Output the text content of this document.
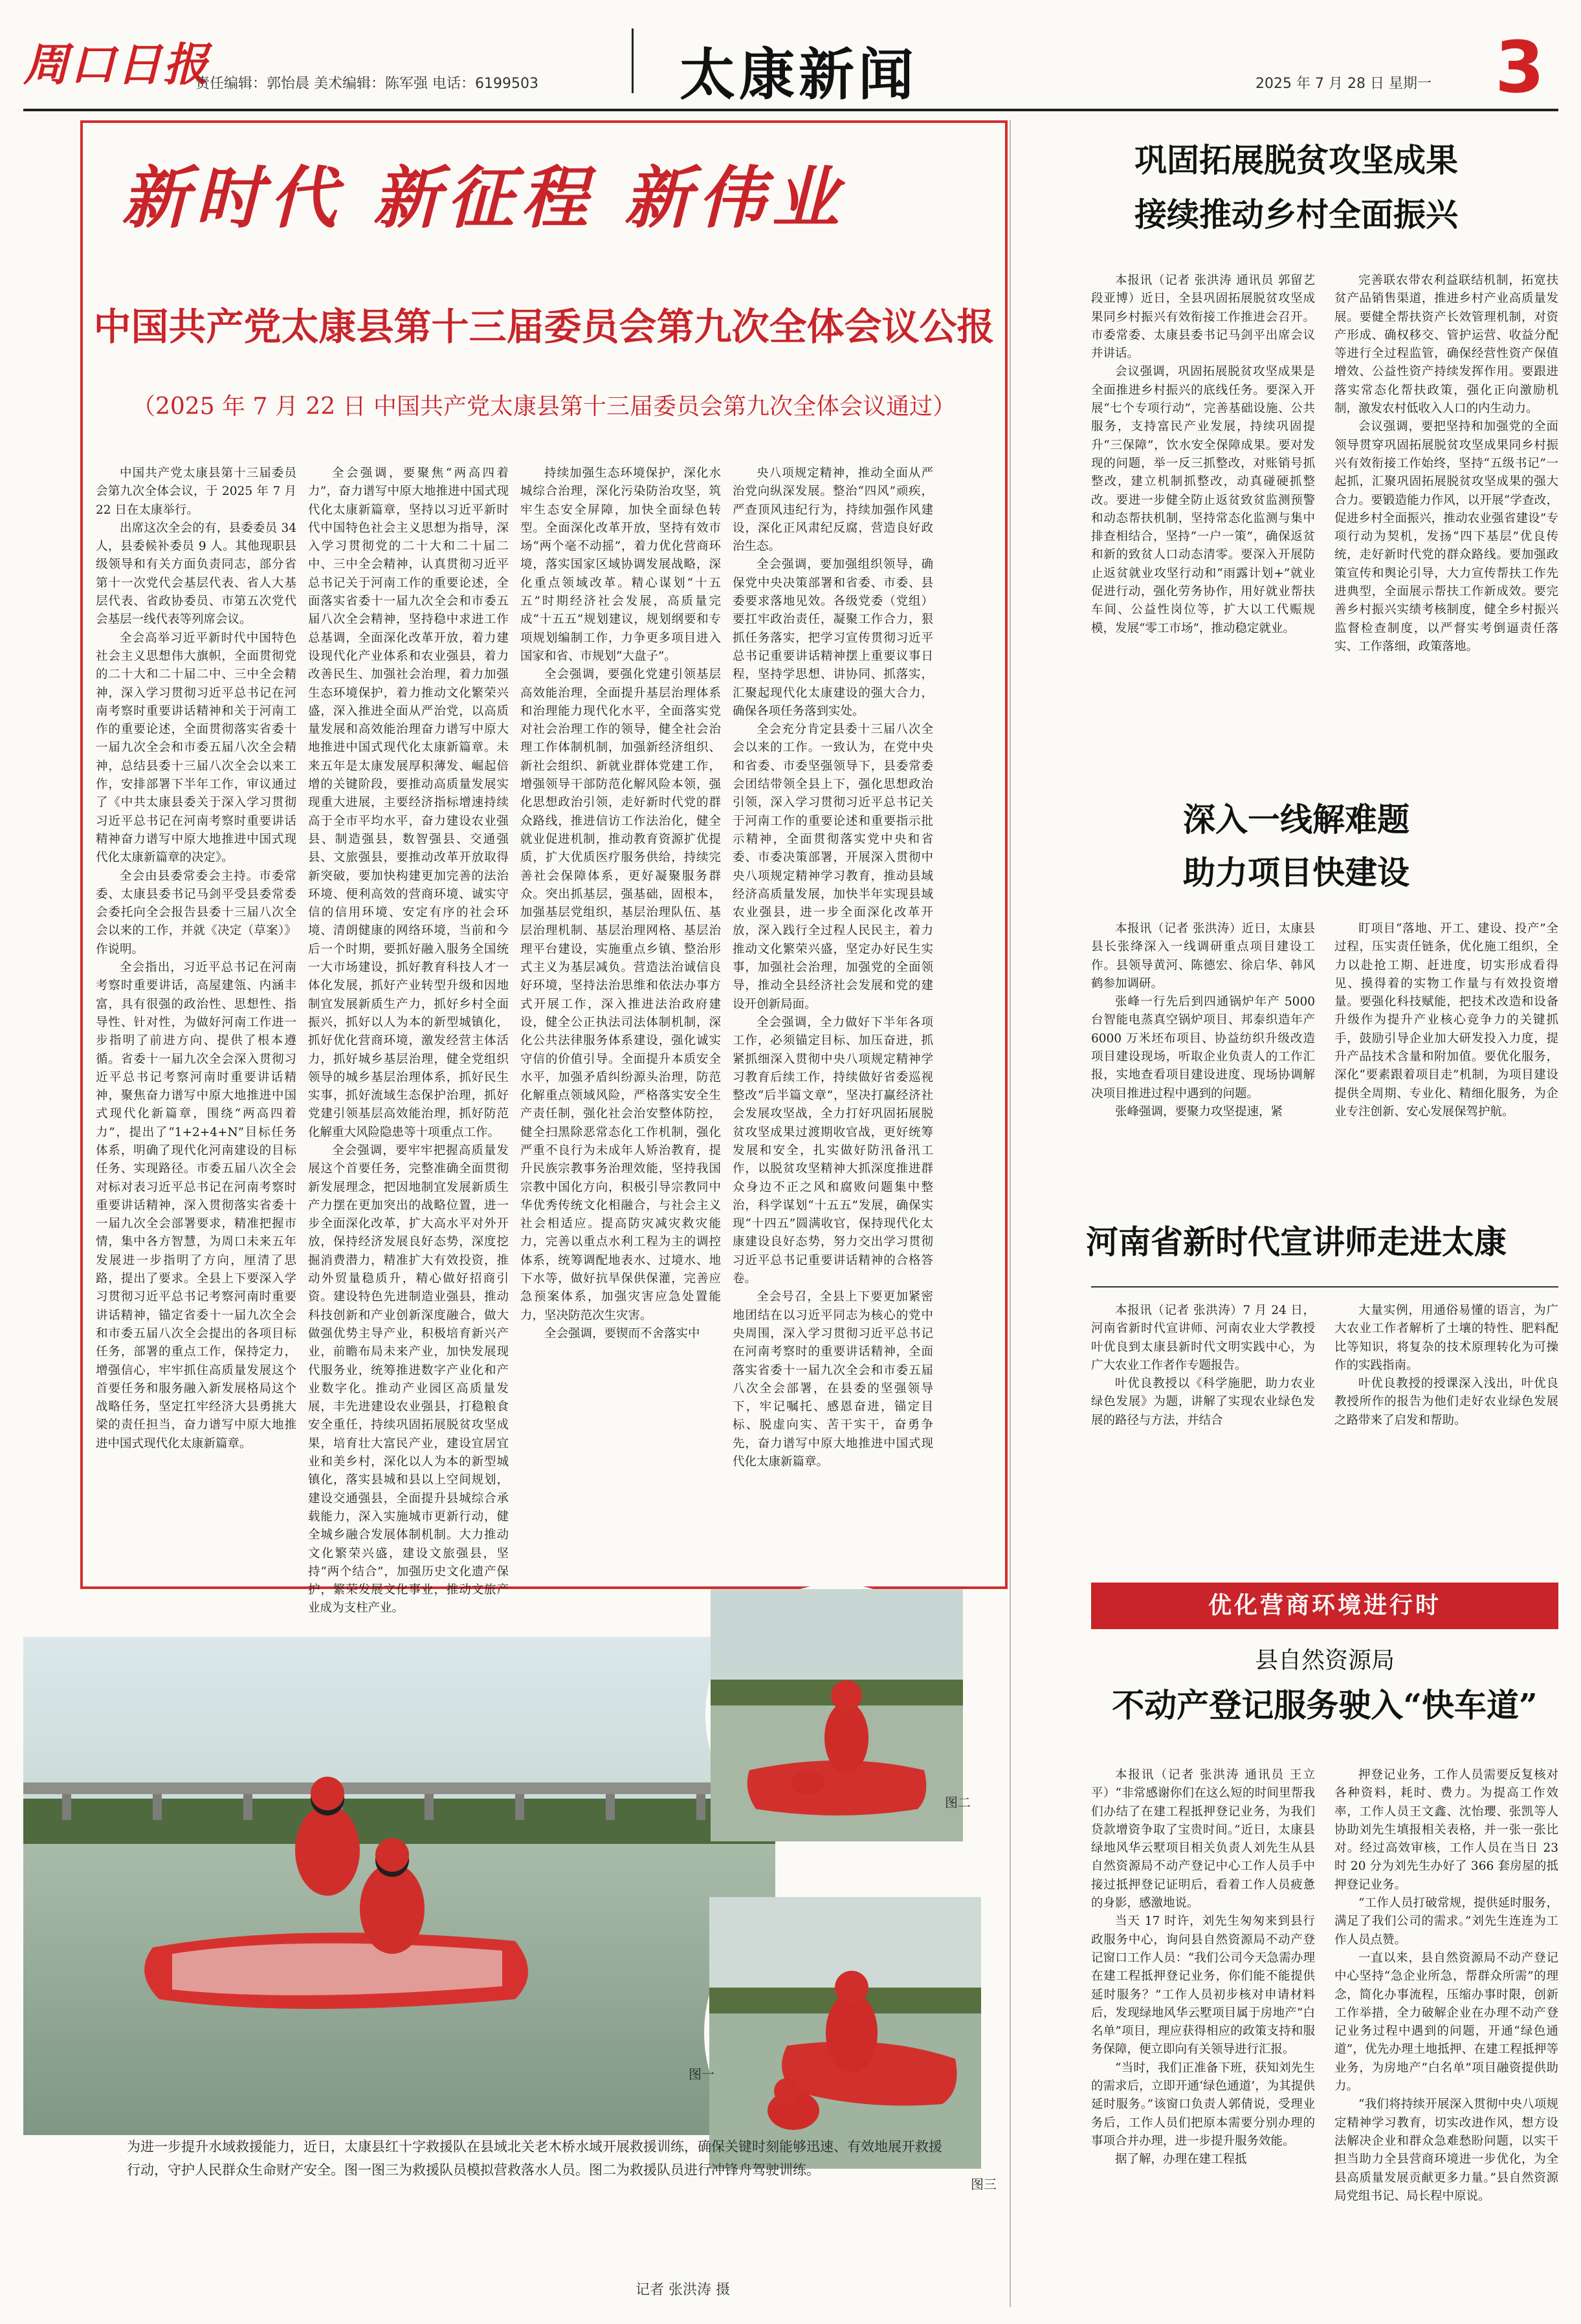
周口日报
责任编辑：郭怡晨 美术编辑：陈军强 电话：6199503	太康新闻	2025 年 7 月 28 日 星期一 3
新时代 新征程 新伟业
中国共产党太康县第十三届委员会第九次全体会议公报
（2025 年 7 月 22 日 中国共产党太康县第十三届委员会第九次全体会议通过）

中国共产党太康县第十三届委员会第九次全体会议，于 2025 年 7 月 22 日在太康举行。

出席这次全会的有，县委委员 34 人，县委候补委员 9 人。其他现职县级领导和有关方面负责同志，部分省第十一次党代会基层代表、省人大基层代表、省政协委员、市第五次党代会基层一线代表等列席会议。

全会高举习近平新时代中国特色社会主义思想伟大旗帜，全面贯彻党的二十大和二十届二中、三中全会精神，深入学习贯彻习近平总书记在河南考察时重要讲话精神和关于河南工作的重要论述，全面贯彻落实省委十一届九次全会和市委五届八次全会精神，总结县委十三届八次全会以来工作，安排部署下半年工作，审议通过了《中共太康县委关于深入学习贯彻习近平总书记在河南考察时重要讲话精神奋力谱写中原大地推进中国式现代化太康新篇章的决定》。

全会由县委常委会主持。市委常委、太康县委书记马剑平受县委常委会委托向全会报告县委十三届八次全会以来的工作，并就《决定（草案）》作说明。

全会指出，习近平总书记在河南考察时重要讲话，高屋建瓴、内涵丰富，具有很强的政治性、思想性、指导性、针对性，为做好河南工作进一步指明了前进方向、提供了根本遵循。省委十一届九次全会深入贯彻习近平总书记考察河南时重要讲话精神，聚焦奋力谱写中原大地推进中国式现代化新篇章，围绕“两高四着力”，提出了“1+2+4+N”目标任务体系，明确了现代化河南建设的目标任务、实现路径。市委五届八次全会对标对表习近平总书记在河南考察时重要讲话精神，深入贯彻落实省委十一届九次全会部署要求，精准把握市情，集中各方智慧，为周口未来五年发展进一步指明了方向，厘清了思路，提出了要求。全县上下要深入学习贯彻习近平总书记考察河南时重要讲话精神，锚定省委十一届九次全会和市委五届八次全会提出的各项目标任务，部署的重点工作，保持定力，增强信心，牢牢抓住高质量发展这个首要任务和服务融入新发展格局这个战略任务，坚定扛牢经济大县勇挑大梁的责任担当，奋力谱写中原大地推进中国式现代化太康新篇章。

全会强调，要聚焦“两高四着力”，奋力谱写中原大地推进中国式现代化太康新篇章，坚持以习近平新时代中国特色社会主义思想为指导，深入学习贯彻党的二十大和二十届二中、三中全会精神，认真贯彻习近平总书记关于河南工作的重要论述，全面落实省委十一届九次全会和市委五届八次全会精神，坚持稳中求进工作总基调，全面深化改革开放，着力建设现代化产业体系和农业强县，着力改善民生、加强社会治理，着力加强生态环境保护，着力推动文化繁荣兴盛，深入推进全面从严治党，以高质量发展和高效能治理奋力谱写中原大地推进中国式现代化太康新篇章。未来五年是太康发展厚积薄发、崛起倍增的关键阶段，要推动高质量发展实现重大进展，主要经济指标增速持续高于全市平均水平，奋力建设农业强县、制造强县，数智强县、交通强县、文旅强县，要推动改革开放取得新突破，要加快构建更加完善的法治环境、便利高效的营商环境、诚实守信的信用环境、安定有序的社会环境、清朗健康的网络环境，当前和今后一个时期，要抓好融入服务全国统一大市场建设，抓好教育科技人才一体化发展，抓好产业转型升级和因地制宜发展新质生产力，抓好乡村全面振兴，抓好以人为本的新型城镇化，抓好优化营商环境，激发经营主体活力，抓好城乡基层治理，健全党组织领导的城乡基层治理体系，抓好民生实事，抓好流域生态保护治理，抓好党建引领基层高效能治理，抓好防范化解重大风险隐患等十项重点工作。

全会强调，要牢牢把握高质量发展这个首要任务，完整准确全面贯彻新发展理念，把因地制宜发展新质生产力摆在更加突出的战略位置，进一步全面深化改革，扩大高水平对外开放，保持经济发展良好态势，深度挖掘消费潜力，精准扩大有效投资，推动外贸量稳质升，精心做好招商引资。建设特色先进制造业强县，推动科技创新和产业创新深度融合，做大做强优势主导产业，积极培育新兴产业，前瞻布局未来产业，加快发展现代服务业，统筹推进数字产业化和产业数字化。推动产业园区高质量发展，丰先进建设农业强县，打稳粮食安全重任，持续巩固拓展脱贫攻坚成果，培育壮大富民产业，建设宜居宜业和美乡村，深化以人为本的新型城镇化，落实县城和县以上空间规划，建设交通强县，全面提升县城综合承载能力，深入实施城市更新行动，健全城乡融合发展体制机制。大力推动文化繁荣兴盛，建设文旅强县，坚持“两个结合”，加强历史文化遗产保护，繁荣发展文化事业，推动文旅产业成为支柱产业。

持续加强生态环境保护，深化水城综合治理，深化污染防治攻坚，筑牢生态安全屏障，加快全面绿色转型。全面深化改革开放，坚持有效市场“两个毫不动摇”，着力优化营商环境，落实国家区域协调发展战略，深化重点领域改革。精心谋划“十五五”时期经济社会发展，高质量完成“十五五”规划建议，规划纲要和专项规划编制工作，力争更多项目进入国家和省、市规划“大盘子”。

全会强调，要强化党建引领基层高效能治理，全面提升基层治理体系和治理能力现代化水平，全面落实党对社会治理工作的领导，健全社会治理工作体制机制，加强新经济组织、新社会组织、新就业群体党建工作，增强领导干部防范化解风险本领，强化思想政治引领，走好新时代党的群众路线，推进信访工作法治化，健全就业促进机制，推动教育资源扩优提质，扩大优质医疗服务供给，持续完善社会保障体系，更好凝聚服务群众。突出抓基层，强基础，固根本，加强基层党组织，基层治理队伍、基层治理机制、基层治理网格、基层治理平台建设，实施重点乡镇、整治形式主义为基层减负。营造法治诚信良好环境，坚持法治思维和依法办事方式开展工作，深入推进法治政府建设，健全公正执法司法体制机制，深化公共法律服务体系建设，强化诚实守信的价值引导。全面提升本质安全水平，加强矛盾纠纷源头治理，防范化解重点领域风险，严格落实安全生产责任制，强化社会治安整体防控，健全扫黑除恶常态化工作机制，强化严重不良行为未成年人矫治教育，提升民族宗教事务治理效能，坚持我国宗教中国化方向，积极引导宗教同中华优秀传统文化相融合，与社会主义社会相适应。提高防灾减灾救灾能力，完善以重点水利工程为主的调控体系，统筹调配地表水、过境水、地下水等，做好抗旱保供保灌，完善应急预案体系，加强灾害应急处置能力，坚决防范次生灾害。

全会强调，要锲而不舍落实中

央八项规定精神，推动全面从严治党向纵深发展。整治“四风”顽疾，严查顶风违纪行为，持续加强作风建设，深化正风肃纪反腐，营造良好政治生态。

全会强调，要加强组织领导，确保党中央决策部署和省委、市委、县委要求落地见效。各级党委（党组）要扛牢政治责任，凝聚工作合力，狠抓任务落实，把学习宣传贯彻习近平总书记重要讲话精神摆上重要议事日程，坚持学思想、讲协同、抓落实，汇聚起现代化太康建设的强大合力，确保各项任务落到实处。

全会充分肯定县委十三届八次全会以来的工作。一致认为，在党中央和省委、市委坚强领导下，县委常委会团结带领全县上下，强化思想政治引领，深入学习贯彻习近平总书记关于河南工作的重要论述和重要指示批示精神，全面贯彻落实党中央和省委、市委决策部署，开展深入贯彻中央八项规定精神学习教育，推动县域经济高质量发展，加快半年实现县域农业强县，进一步全面深化改革开放，深入践行全过程人民民主，着力推动文化繁荣兴盛，坚定办好民生实事，加强社会治理，加强党的全面领导，推动全县经济社会发展和党的建设开创新局面。

全会强调，全力做好下半年各项工作，必须锚定目标、加压奋进，抓紧抓细深入贯彻中央八项规定精神学习教育后续工作，持续做好省委巡视整改“后半篇文章”，坚决打赢经济社会发展攻坚战，全力打好巩固拓展脱贫攻坚成果过渡期收官战，更好统筹发展和安全，扎实做好防汛备汛工作，以脱贫攻坚精神大抓深度推进群众身边不正之风和腐败问题集中整治，科学谋划“十五五”发展，确保实现“十四五”圆满收官，保持现代化太康建设良好态势，努力交出学习贯彻习近平总书记重要讲话精神的合格答卷。

全会号召，全县上下要更加紧密地团结在以习近平同志为核心的党中央周围，深入学习贯彻习近平总书记在河南考察时的重要讲话精神，全面落实省委十一届九次全会和市委五届八次全会部署，在县委的坚强领导下，牢记嘱托、感恩奋进，锚定目标、脱虚向实、苦干实干，奋勇争先，奋力谱写中原大地推进中国式现代化太康新篇章。

图一
图二
图三
为进一步提升水域救援能力，近日，太康县红十字救援队在县域北关老木桥水域开展救援训练，确保关键时刻能够迅速、有效地展开救援行动，守护人民群众生命财产安全。图一图三为救援队员模拟营救落水人员。图二为救援队员进行冲锋舟驾驶训练。
记者 张洪涛 摄
巩固拓展脱贫攻坚成果
接续推动乡村全面振兴

本报讯（记者 张洪涛 通讯员 郭留艺 段亚博）近日，全县巩固拓展脱贫攻坚成果同乡村振兴有效衔接工作推进会召开。市委常委、太康县委书记马剑平出席会议并讲话。

会议强调，巩固拓展脱贫攻坚成果是全面推进乡村振兴的底线任务。要深入开展“七个专项行动”，完善基础设施、公共服务，支持富民产业发展，持续巩固提升“三保障”，饮水安全保障成果。要对发现的问题，举一反三抓整改，对账销号抓整改，建立机制抓整改，动真碰硬抓整改。要进一步健全防止返贫致贫监测预警和动态帮扶机制，坚持常态化监测与集中排查相结合，坚持“一户一策”，确保返贫和新的致贫人口动态清零。要深入开展防止返贫就业攻坚行动和“雨露计划+”就业促进行动，强化劳务协作，用好就业帮扶车间、公益性岗位等，扩大以工代赈规模，发展“零工市场”，推动稳定就业。

完善联农带农利益联结机制，拓宽扶贫产品销售渠道，推进乡村产业高质量发展。要健全帮扶资产长效管理机制，对资产形成、确权移交、管护运营、收益分配等进行全过程监管，确保经营性资产保值增效、公益性资产持续发挥作用。要跟进落实常态化帮扶政策，强化正向激励机制，激发农村低收入人口的内生动力。

会议强调，要把坚持和加强党的全面领导贯穿巩固拓展脱贫攻坚成果同乡村振兴有效衔接工作始终，坚持“五级书记”一起抓，汇聚巩固拓展脱贫攻坚成果的强大合力。要锻造能力作风，以开展“学查改，促进乡村全面振兴，推动农业强省建设”专项行动为契机，发扬“四下基层”优良传统，走好新时代党的群众路线。要加强政策宣传和舆论引导，大力宣传帮扶工作先进典型，全面展示帮扶工作新成效。要完善乡村振兴实绩考核制度，健全乡村振兴监督检查制度，以严督实考倒逼责任落实、工作落细，政策落地。

深入一线解难题
助力项目快建设

本报讯（记者 张洪涛）近日，太康县县长张绛深入一线调研重点项目建设工作。县领导黄河、陈德宏、徐启华、韩风鹤参加调研。

张峰一行先后到四通锅炉年产 5000 台智能电蒸真空锅炉项目、邦泰织造年产 6000 万米坯布项目、协益纺织升级改造项目建设现场，听取企业负责人的工作汇报，实地查看项目建设进度、现场协调解决项目推进过程中遇到的问题。

张峰强调，要聚力攻坚提速，紧

盯项目“落地、开工、建设、投产”全过程，压实责任链条，优化施工组织，全力以赴抢工期、赶进度，切实形成看得见、摸得着的实物工作量与有效投资增量。要强化科技赋能，把技术改造和设备升级作为提升产业核心竞争力的关键抓手，鼓励引导企业加大研发投入力度，提升产品技术含量和附加值。要优化服务，深化“要素跟着项目走”机制，为项目建设提供全周期、专业化、精细化服务，为企业专注创新、安心发展保驾护航。

河南省新时代宣讲师走进太康

本报讯（记者 张洪涛）7 月 24 日，河南省新时代宣讲师、河南农业大学教授叶优良到太康县新时代文明实践中心，为广大农业工作者作专题报告。

叶优良教授以《科学施肥，助力农业绿色发展》为题，讲解了实现农业绿色发展的路径与方法，并结合

大量实例，用通俗易懂的语言，为广大农业工作者解析了土壤的特性、肥料配比等知识，将复杂的技术原理转化为可操作的实践指南。

叶优良教授的授课深入浅出，叶优良教授所作的报告为他们走好农业绿色发展之路带来了启发和帮助。

优化营商环境进行时
县自然资源局
不动产登记服务驶入“快车道”

本报讯（记者 张洪涛 通讯员 王立平）“非常感谢你们在这么短的时间里帮我们办结了在建工程抵押登记业务，为我们贷款增资争取了宝贵时间。”近日，太康县绿地风华云墅项目相关负责人刘先生从县自然资源局不动产登记中心工作人员手中接过抵押登记证明后，看着工作人员疲惫的身影，感激地说。

当天 17 时许，刘先生匆匆来到县行政服务中心，询问县自然资源局不动产登记窗口工作人员：“我们公司今天急需办理在建工程抵押登记业务，你们能不能提供延时服务？”工作人员初步核对申请材料后，发现绿地风华云墅项目属于房地产“白名单”项目，理应获得相应的政策支持和服务保障，便立即向有关领导进行汇报。

“当时，我们正准备下班，获知刘先生的需求后，立即开通‘绿色通道’，为其提供延时服务。”该窗口负责人郭倩说，受理业务后，工作人员们把原本需要分别办理的事项合并办理，进一步提升服务效能。

据了解，办理在建工程抵

押登记业务，工作人员需要反复核对各种资料，耗时、费力。为提高工作效率，工作人员王文鑫、沈怡瓔、张凯等人协助刘先生填报相关表格，并一张一张比对。经过高效审核，工作人员在当日 23 时 20 分为刘先生办好了 366 套房屋的抵押登记业务。

“工作人员打破常规，提供延时服务，满足了我们公司的需求。”刘先生连连为工作人员点赞。

一直以来，县自然资源局不动产登记中心坚持“急企业所急，帮群众所需”的理念，简化办事流程，压缩办事时限，创新工作举措，全力破解企业在办理不动产登记业务过程中遇到的问题，开通“绿色通道”，优先办理土地抵押、在建工程抵押等业务，为房地产“白名单”项目融资提供助力。

“我们将持续开展深入贯彻中央八项规定精神学习教育，切实改进作风，想方设法解决企业和群众急难愁盼问题，以实干担当助力全县营商环境进一步优化，为全县高质量发展贡献更多力量。”县自然资源局党组书记、局长程中原说。
